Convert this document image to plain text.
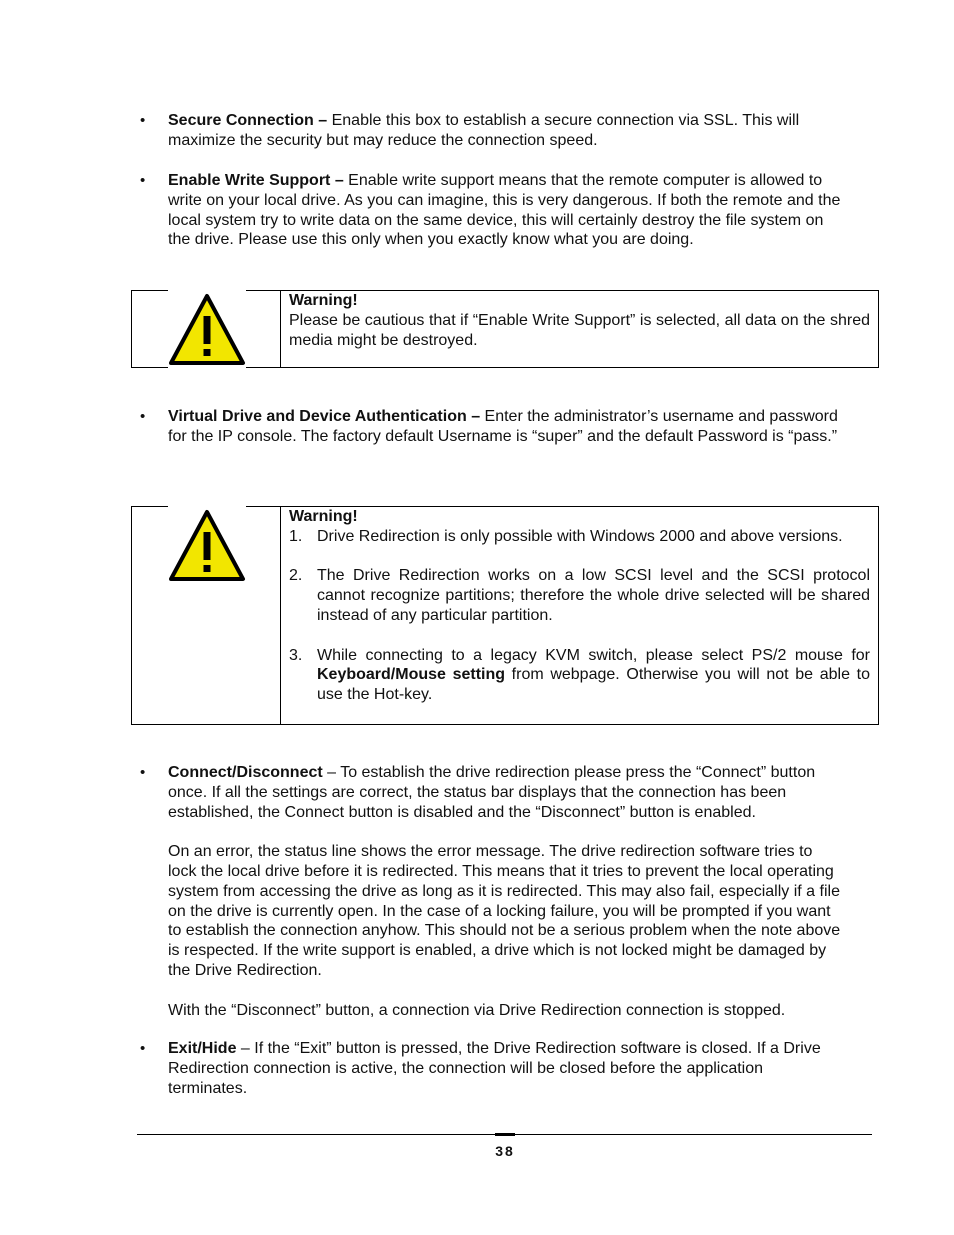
• Secure Connection – Enable this box to establish a secure connection via SSL. This will maximize the security but may reduce the connection speed.

• Enable Write Support – Enable write support means that the remote computer is allowed to write on your local drive. As you can imagine, this is very dangerous. If both the remote and the local system try to write data on the same device, this will certainly destroy the file system on the drive. Please use this only when you exactly know what you are doing.

Warning!
Please be cautious that if “Enable Write Support” is selected, all data on the shred media might be destroyed.
• Virtual Drive and Device Authentication – Enter the administrator’s username and password for the IP console. The factory default Username is “super” and the default Password is “pass.”

Warning!
1. Drive Redirection is only possible with Windows 2000 and above versions.
2. The Drive Redirection works on a low SCSI level and the SCSI protocol cannot recognize partitions; therefore the whole drive selected will be shared instead of any particular partition.
3. While connecting to a legacy KVM switch, please select PS/2 mouse for Keyboard/Mouse setting from webpage. Otherwise you will not be able to use the Hot-key.
• Connect/Disconnect – To establish the drive redirection please press the “Connect” button once. If all the settings are correct, the status bar displays that the connection has been established, the Connect button is disabled and the “Disconnect” button is enabled.

On an error, the status line shows the error message. The drive redirection software tries to lock the local drive before it is redirected. This means that it tries to prevent the local operating system from accessing the drive as long as it is redirected. This may also fail, especially if a file on the drive is currently open. In the case of a locking failure, you will be prompted if you want to establish the connection anyhow. This should not be a serious problem when the note above is respected. If the write support is enabled, a drive which is not locked might be damaged by the Drive Redirection.

With the “Disconnect” button, a connection via Drive Redirection connection is stopped.

• Exit/Hide – If the “Exit” button is pressed, the Drive Redirection software is closed. If a Drive Redirection connection is active, the connection will be closed before the application terminates.

38
